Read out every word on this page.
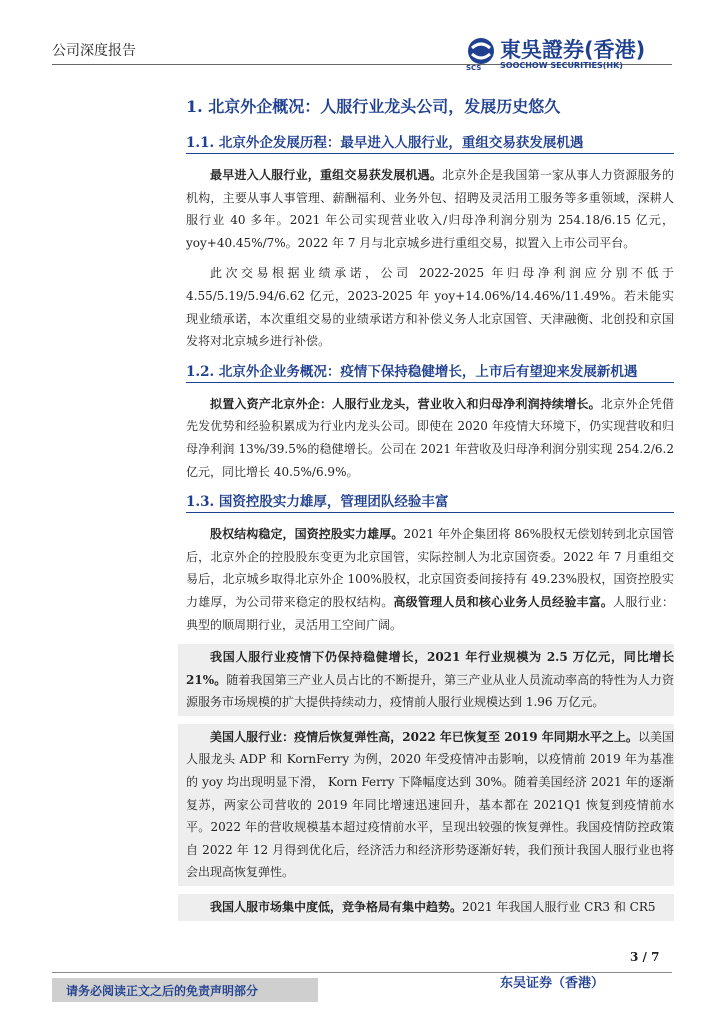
公司深度报告	東吳證券(香港)
SCS SOOCHOW SECURITIES(HK)
1. 北京外企概况：人服行业龙头公司，发展历史悠久
1.1. 北京外企发展历程：最早进入人服行业，重组交易获发展机遇

最早进入人服行业，重组交易获发展机遇。北京外企是我国第一家从事人力资源服务的机构，主要从事人事管理、薪酬福利、业务外包、招聘及灵活用工服务等多重领域，深耕人服行业 40 多年。2021 年公司实现营业收入/归母净利润分别为 254.18/6.15 亿元，yoy+40.45%/7%。2022 年 7 月与北京城乡进行重组交易，拟置入上市公司平台。

此次交易根据业绩承诺，公司 2022-2025 年归母净利润应分别不低于 4.55/5.19/5.94/6.62 亿元，2023-2025 年 yoy+14.06%/14.46%/11.49%。若未能实现业绩承诺，本次重组交易的业绩承诺方和补偿义务人北京国管、天津融衡、北创投和京国发将对北京城乡进行补偿。

1.2. 北京外企业务概况：疫情下保持稳健增长，上市后有望迎来发展新机遇

拟置入资产北京外企：人服行业龙头，营业收入和归母净利润持续增长。北京外企凭借先发优势和经验积累成为行业内龙头公司。即使在 2020 年疫情大环境下，仍实现营收和归母净利润 13%/39.5%的稳健增长。公司在 2021 年营收及归母净利润分别实现 254.2/6.2 亿元，同比增长 40.5%/6.9%。

1.3. 国资控股实力雄厚，管理团队经验丰富

股权结构稳定，国资控股实力雄厚。2021 年外企集团将 86%股权无偿划转到北京国管后，北京外企的控股股东变更为北京国管，实际控制人为北京国资委。2022 年 7 月重组交易后，北京城乡取得北京外企 100%股权，北京国资委间接持有 49.23%股权，国资控股实力雄厚，为公司带来稳定的股权结构。高级管理人员和核心业务人员经验丰富。人服行业：典型的顺周期行业，灵活用工空间广阔。

我国人服行业疫情下仍保持稳健增长，2021 年行业规模为 2.5 万亿元，同比增长 21%。随着我国第三产业人员占比的不断提升，第三产业从业人员流动率高的特性为人力资源服务市场规模的扩大提供持续动力，疫情前人服行业规模达到 1.96 万亿元。

美国人服行业：疫情后恢复弹性高，2022 年已恢复至 2019 年同期水平之上。以美国人服龙头 ADP 和 KornFerry 为例，2020 年受疫情冲击影响，以疫情前 2019 年为基准的 yoy 均出现明显下滑， Korn Ferry 下降幅度达到 30%。随着美国经济 2021 年的逐渐复苏，两家公司营收的 2019 年同比增速迅速回升，基本都在 2021Q1 恢复到疫情前水平。2022 年的营收规模基本超过疫情前水平，呈现出较强的恢复弹性。我国疫情防控政策自 2022 年 12 月得到优化后，经济活力和经济形势逐渐好转，我们预计我国人服行业也将会出现高恢复弹性。

我国人服市场集中度低，竞争格局有集中趋势。2021 年我国人服行业 CR3 和 CR5

3 / 7
请务必阅读正文之后的免责声明部分	东吴证券（香港）
